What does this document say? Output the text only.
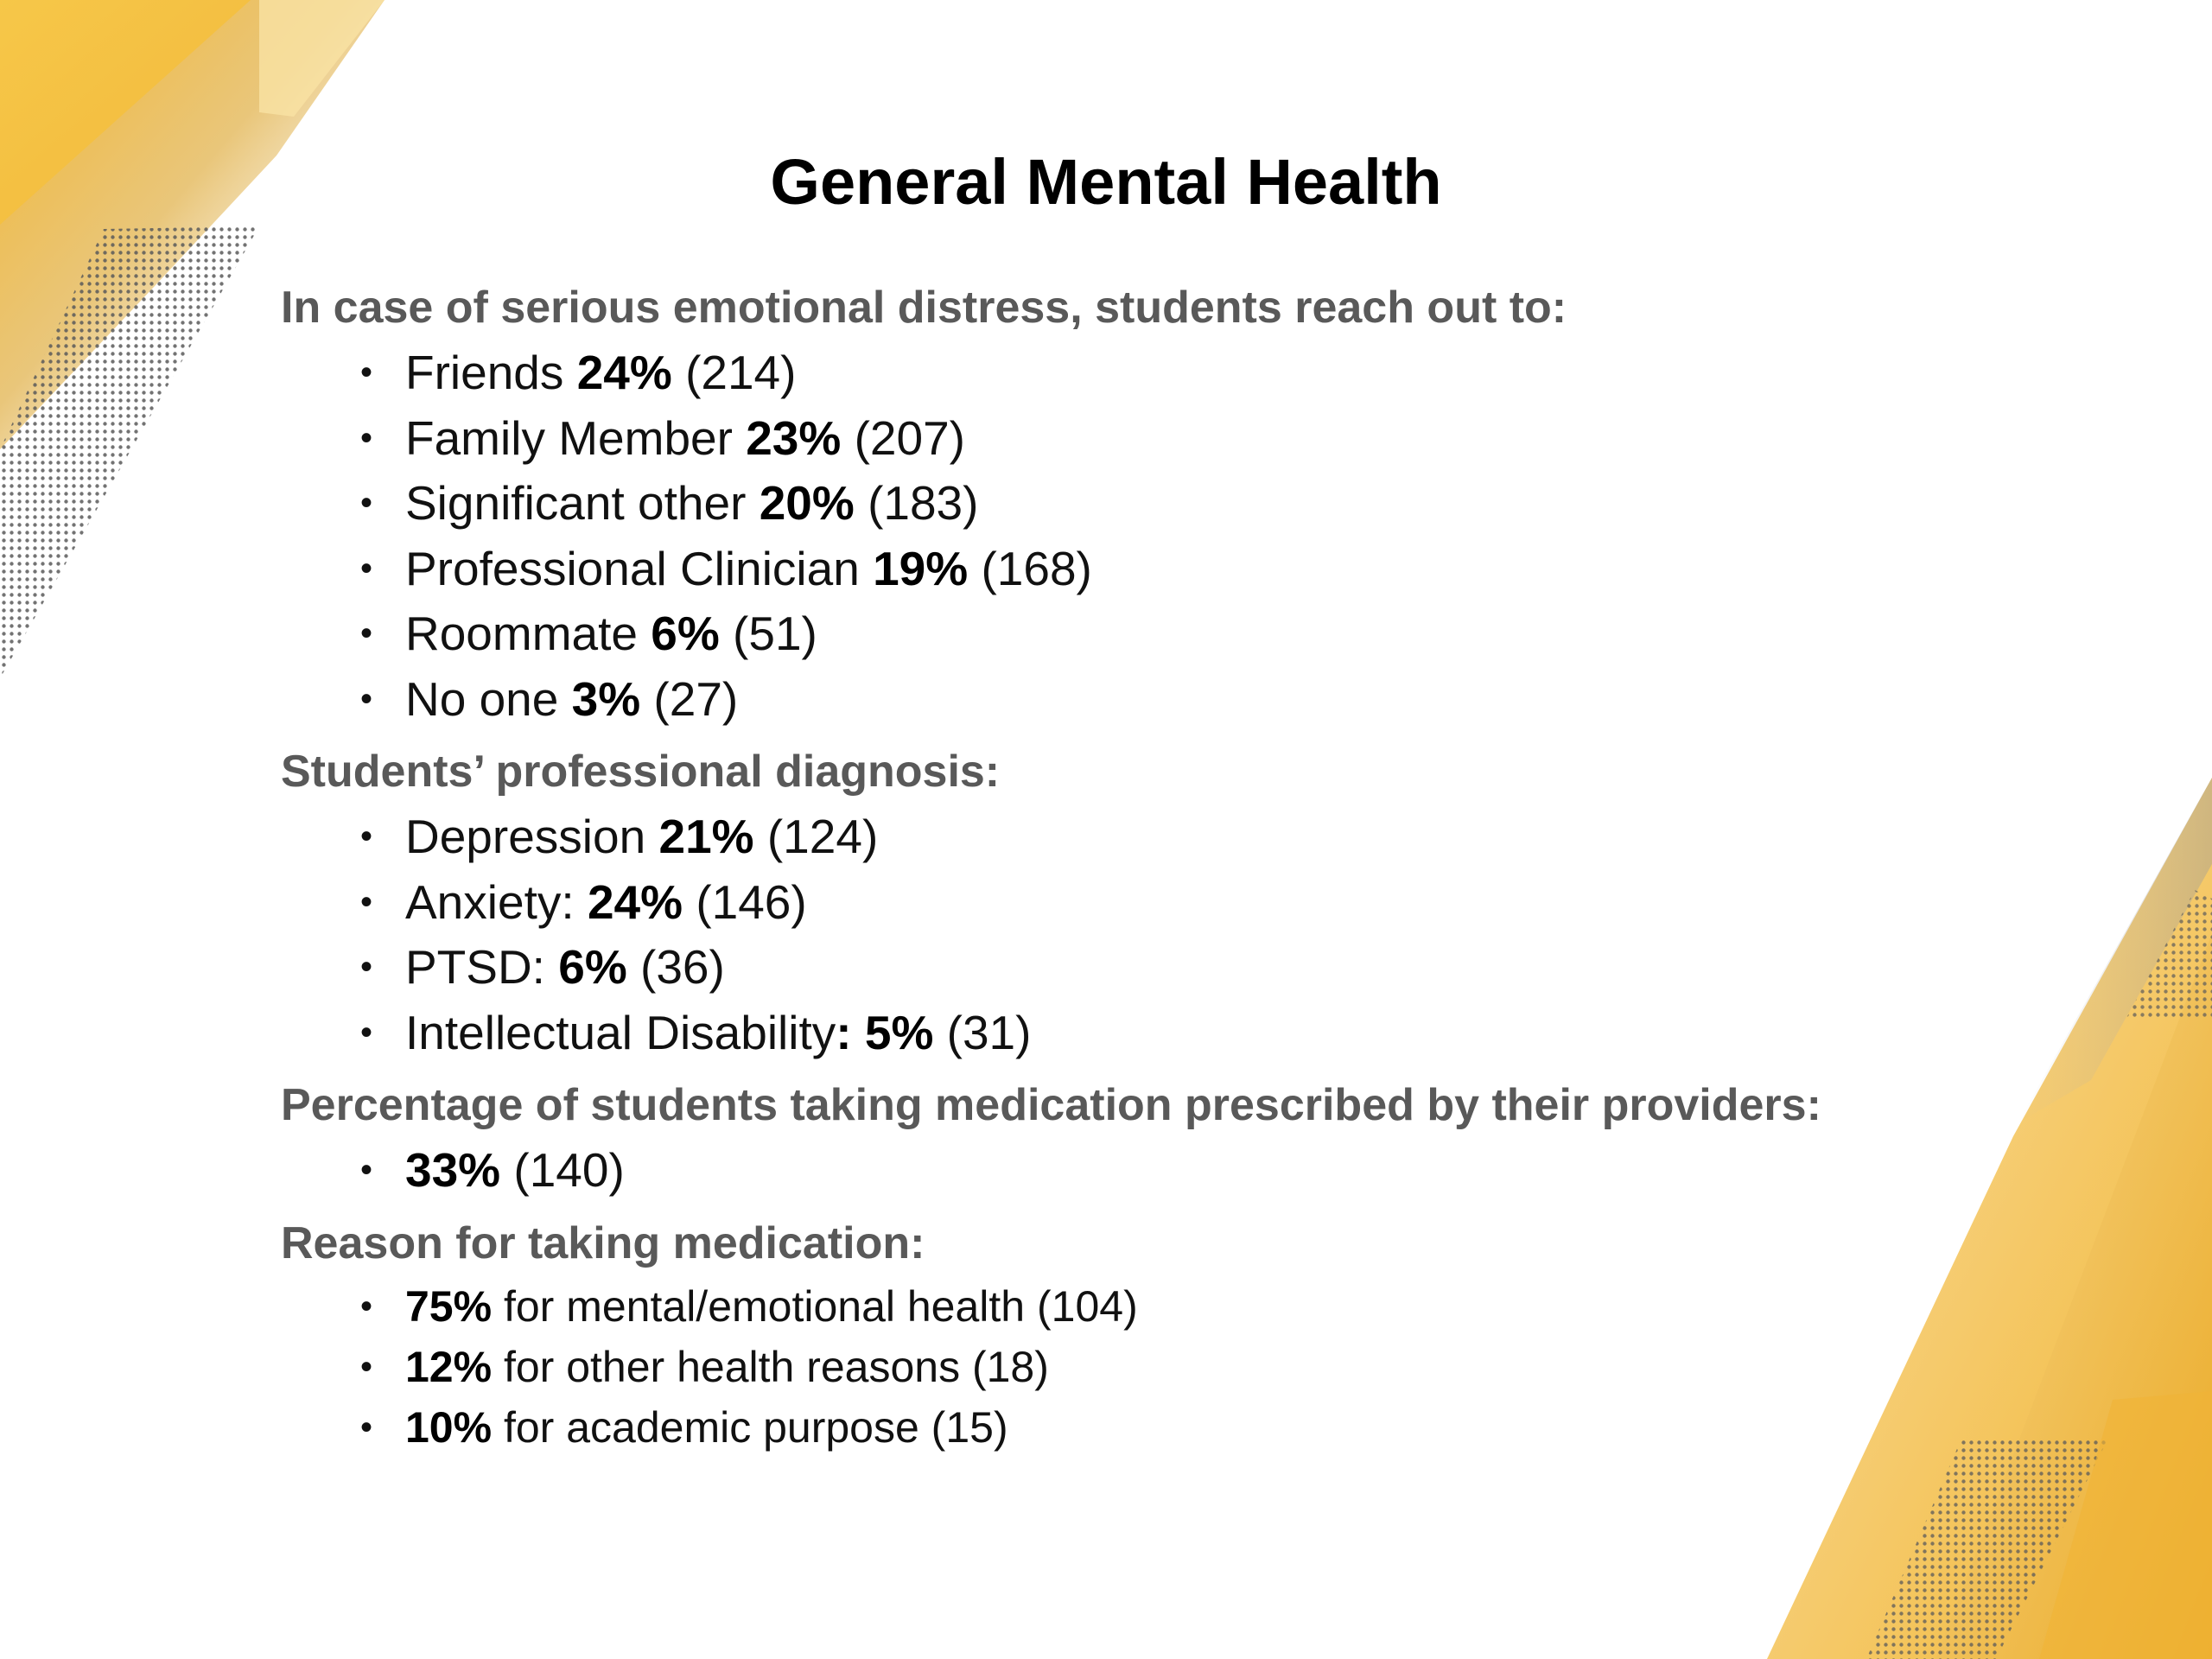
General Mental Health
In case of serious emotional distress, students reach out to:
• Friends 24% (214)
• Family Member 23% (207)
• Significant other 20% (183)
• Professional Clinician 19% (168)
• Roommate 6% (51)
• No one 3% (27)
Students’ professional diagnosis:
• Depression 21% (124)
• Anxiety: 24% (146)
• PTSD: 6% (36)
• Intellectual Disability: 5% (31)
Percentage of students taking medication prescribed by their providers:
• 33% (140)
Reason for taking medication:
• 75% for mental/emotional health (104)
• 12% for other health reasons (18)
• 10% for academic purpose (15)
